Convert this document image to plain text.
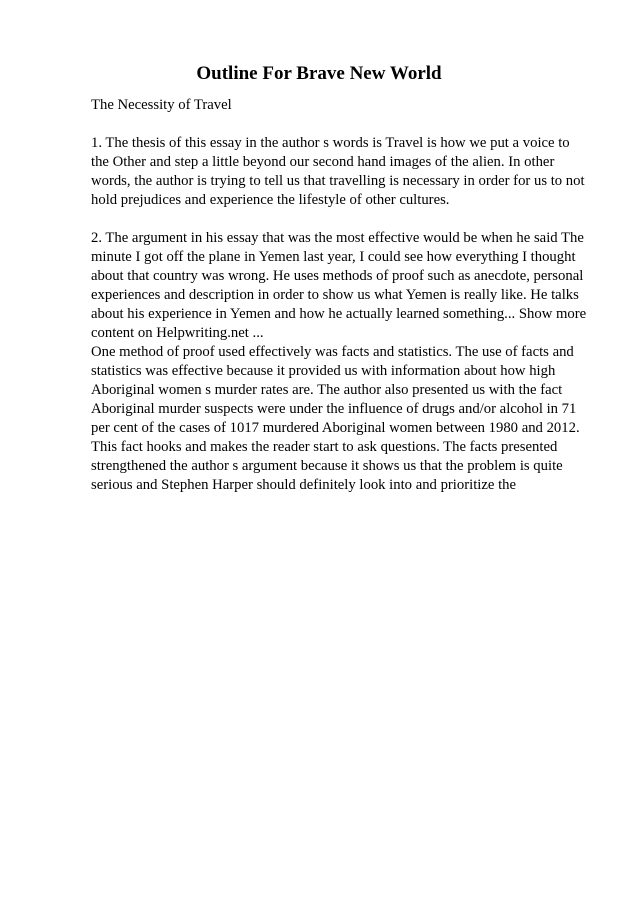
Outline For Brave New World

The Necessity of Travel

1. The thesis of this essay in the author s words is Travel is how we put a voice to

the Other and step a little beyond our second hand images of the alien. In other

words, the author is trying to tell us that travelling is necessary in order for us to not

hold prejudices and experience the lifestyle of other cultures.

2. The argument in his essay that was the most effective would be when he said The

minute I got off the plane in Yemen last year, I could see how everything I thought

about that country was wrong. He uses methods of proof such as anecdote, personal

experiences and description in order to show us what Yemen is really like. He talks

about his experience in Yemen and how he actually learned something... Show more

content on Helpwriting.net ...

One method of proof used effectively was facts and statistics. The use of facts and

statistics was effective because it provided us with information about how high

Aboriginal women s murder rates are. The author also presented us with the fact

Aboriginal murder suspects were under the influence of drugs and/or alcohol in 71

per cent of the cases of 1017 murdered Aboriginal women between 1980 and 2012.

This fact hooks and makes the reader start to ask questions. The facts presented

strengthened the author s argument because it shows us that the problem is quite

serious and Stephen Harper should definitely look into and prioritize the
